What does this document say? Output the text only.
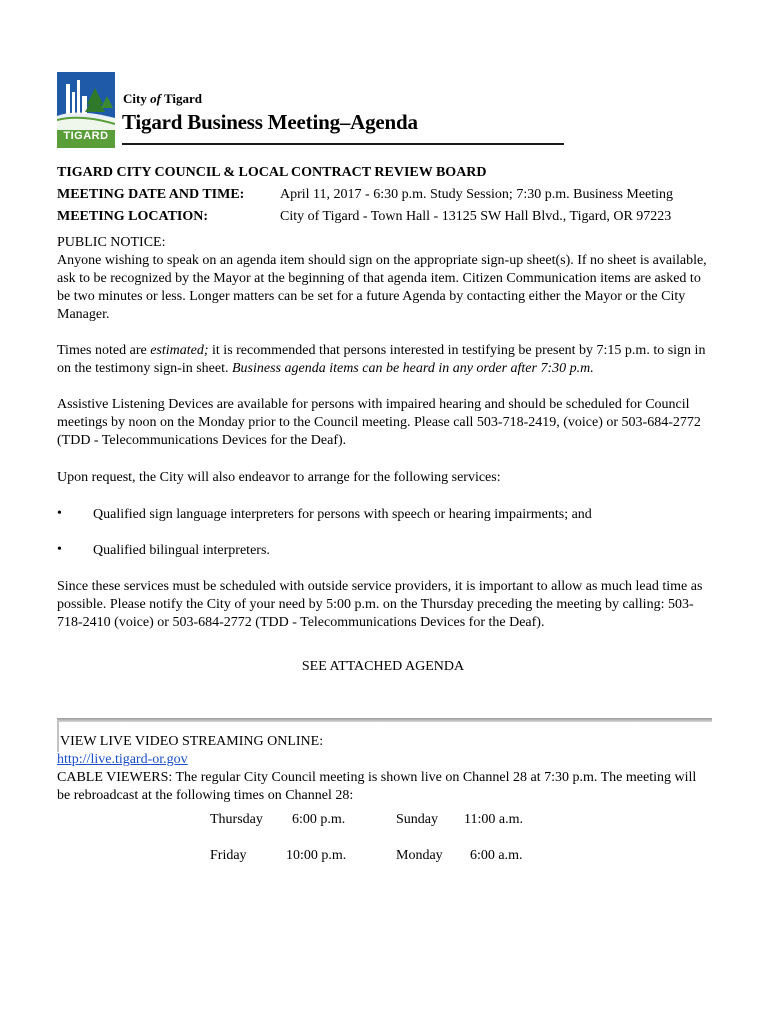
TIGARD
City of Tigard
Tigard Business Meeting–Agenda
TIGARD CITY COUNCIL & LOCAL CONTRACT REVIEW BOARD
MEETING DATE AND TIME:	April 11, 2017 - 6:30 p.m. Study Session; 7:30 p.m. Business Meeting
MEETING LOCATION:	City of Tigard - Town Hall - 13125 SW Hall Blvd., Tigard, OR 97223
PUBLIC NOTICE:
Anyone wishing to speak on an agenda item should sign on the appropriate sign-up sheet(s). If no sheet is available, ask to be recognized by the Mayor at the beginning of that agenda item. Citizen Communication items are asked to be two minutes or less. Longer matters can be set for a future Agenda by contacting either the Mayor or the City Manager.
Times noted are estimated; it is recommended that persons interested in testifying be present by 7:15 p.m. to sign in on the testimony sign-in sheet. Business agenda items can be heard in any order after 7:30 p.m.
Assistive Listening Devices are available for persons with impaired hearing and should be scheduled for Council meetings by noon on the Monday prior to the Council meeting. Please call 503-718-2419, (voice) or 503-684-2772 (TDD - Telecommunications Devices for the Deaf).
Upon request, the City will also endeavor to arrange for the following services:
• Qualified sign language interpreters for persons with speech or hearing impairments; and
• Qualified bilingual interpreters.
Since these services must be scheduled with outside service providers, it is important to allow as much lead time as possible. Please notify the City of your need by 5:00 p.m. on the Thursday preceding the meeting by calling: 503-718-2410 (voice) or 503-684-2772 (TDD - Telecommunications Devices for the Deaf).
SEE ATTACHED AGENDA
VIEW LIVE VIDEO STREAMING ONLINE:
http://live.tigard-or.gov
CABLE VIEWERS: The regular City Council meeting is shown live on Channel 28 at 7:30 p.m. The meeting will be rebroadcast at the following times on Channel 28:
Thursday 6:00 p.m.	Sunday 11:00 a.m.
Friday	10:00 p.m.	Monday 6:00 a.m.
